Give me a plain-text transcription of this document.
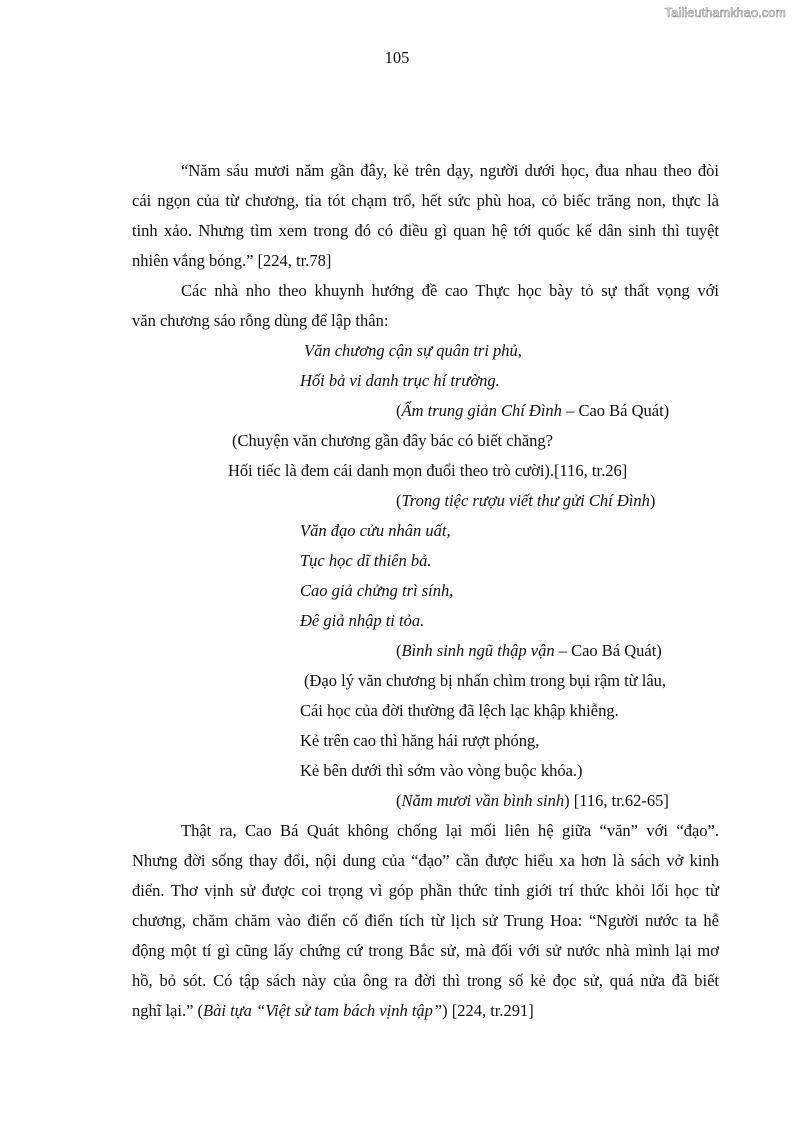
Tailieuthamkhao.com
105
“Năm sáu mươi năm gần đây, kẻ trên dạy, người dưới học, đua nhau theo đòi
cái ngọn của từ chương, tỉa tót chạm trổ, hết sức phù hoa, cỏ biếc trăng non, thực là
tinh xảo. Nhưng tìm xem trong đó có điều gì quan hệ tới quốc kế dân sinh thì tuyệt
nhiên vắng bóng.” [224, tr.78]
Các nhà nho theo khuynh hướng đề cao Thực học bày tỏ sự thất vọng với
văn chương sáo rỗng dùng để lập thân:
Văn chương cận sự quân tri phủ,
Hối bả vi danh trục hí trường.
(Ẩm trung giản Chí Đình – Cao Bá Quát)
(Chuyện văn chương gần đây bác có biết chăng?
Hối tiếc là đem cái danh mọn đuổi theo trò cười).[116, tr.26]
(Trong tiệc rượu viết thư gửi Chí Đình)
Văn đạo cửu nhân uất,
Tục học dĩ thiên bả.
Cao giả chửng trì sính,
Đê giả nhập ti tỏa.
(Bình sinh ngũ thập vận – Cao Bá Quát)
(Đạo lý văn chương bị nhấn chìm trong bụi rậm từ lâu,
Cái học của đời thường đã lệch lạc khập khiễng.
Kẻ trên cao thì hăng hái rượt phóng,
Kẻ bên dưới thì sớm vào vòng buộc khóa.)
(Năm mươi vần bình sinh) [116, tr.62-65]
Thật ra, Cao Bá Quát không chống lại mối liên hệ giữa “văn” với “đạo”.
Nhưng đời sống thay đổi, nội dung của “đạo” cần được hiểu xa hơn là sách vở kinh
điển. Thơ vịnh sử được coi trọng vì góp phần thức tỉnh giới trí thức khỏi lối học từ
chương, chăm chăm vào điển cố điển tích từ lịch sử Trung Hoa: “Người nước ta hễ
động một tí gì cũng lấy chứng cứ trong Bắc sử, mà đối với sử nước nhà mình lại mơ
hồ, bỏ sót. Có tập sách này của ông ra đời thì trong số kẻ đọc sử, quá nửa đã biết
nghĩ lại.” (Bài tựa “Việt sử tam bách vịnh tập”) [224, tr.291]
